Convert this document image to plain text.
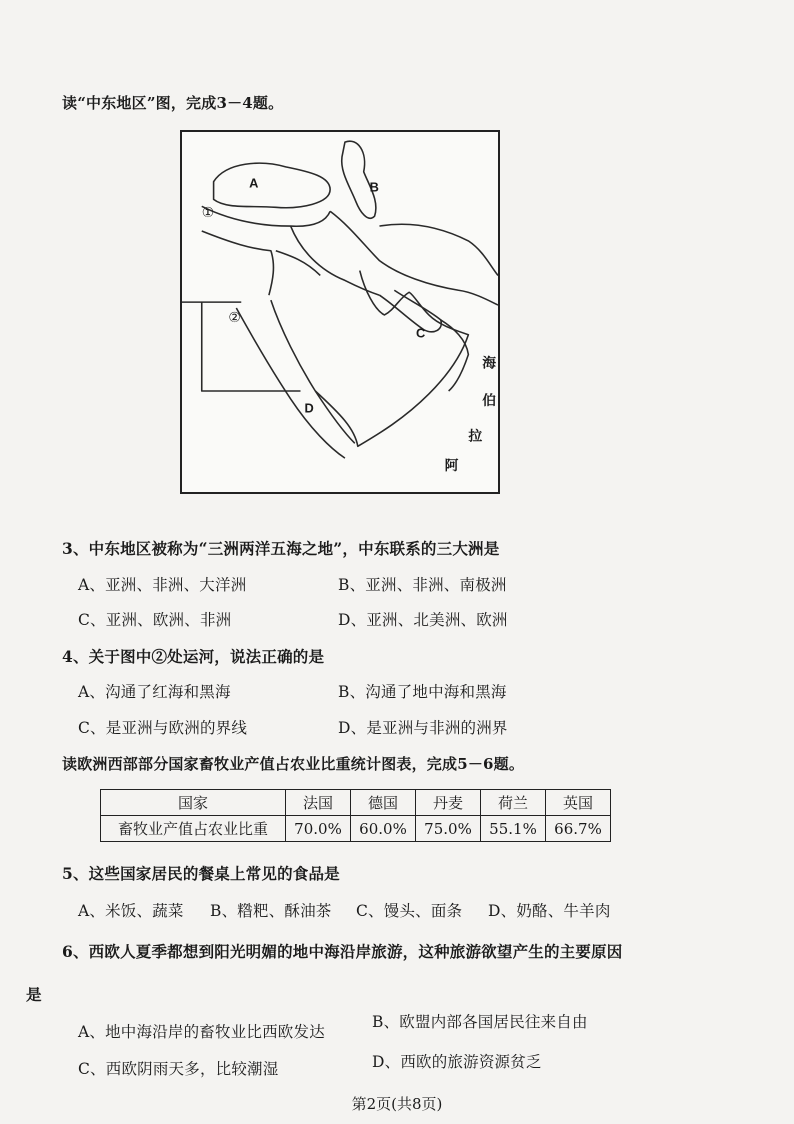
读“中东地区”图，完成3－4题。
A	B
C
D
①
②
海
伯
拉
阿
3、中东地区被称为“三洲两洋五海之地”，中东联系的三大洲是
A、亚洲、非洲、大洋洲	B、亚洲、非洲、南极洲
C、亚洲、欧洲、非洲	D、亚洲、北美洲、欧洲
4、关于图中②处运河，说法正确的是
A、沟通了红海和黑海	B、沟通了地中海和黑海
C、是亚洲与欧洲的界线	D、是亚洲与非洲的洲界
读欧洲西部部分国家畜牧业产值占农业比重统计图表，完成5－6题。
国家	法国	德国	丹麦	荷兰	英国
畜牧业产值占农业比重	70.0%	60.0%	75.0%	55.1%	66.7%
5、这些国家居民的餐桌上常见的食品是
A、米饭、蔬菜 B、糌粑、酥油茶 C、馒头、面条 D、奶酪、牛羊肉
6、西欧人夏季都想到阳光明媚的地中海沿岸旅游，这种旅游欲望产生的主要原因
是
A、地中海沿岸的畜牧业比西欧发达
B、欧盟内部各国居民往来自由
C、西欧阴雨天多，比较潮湿	D、西欧的旅游资源贫乏
第2页(共8页)
